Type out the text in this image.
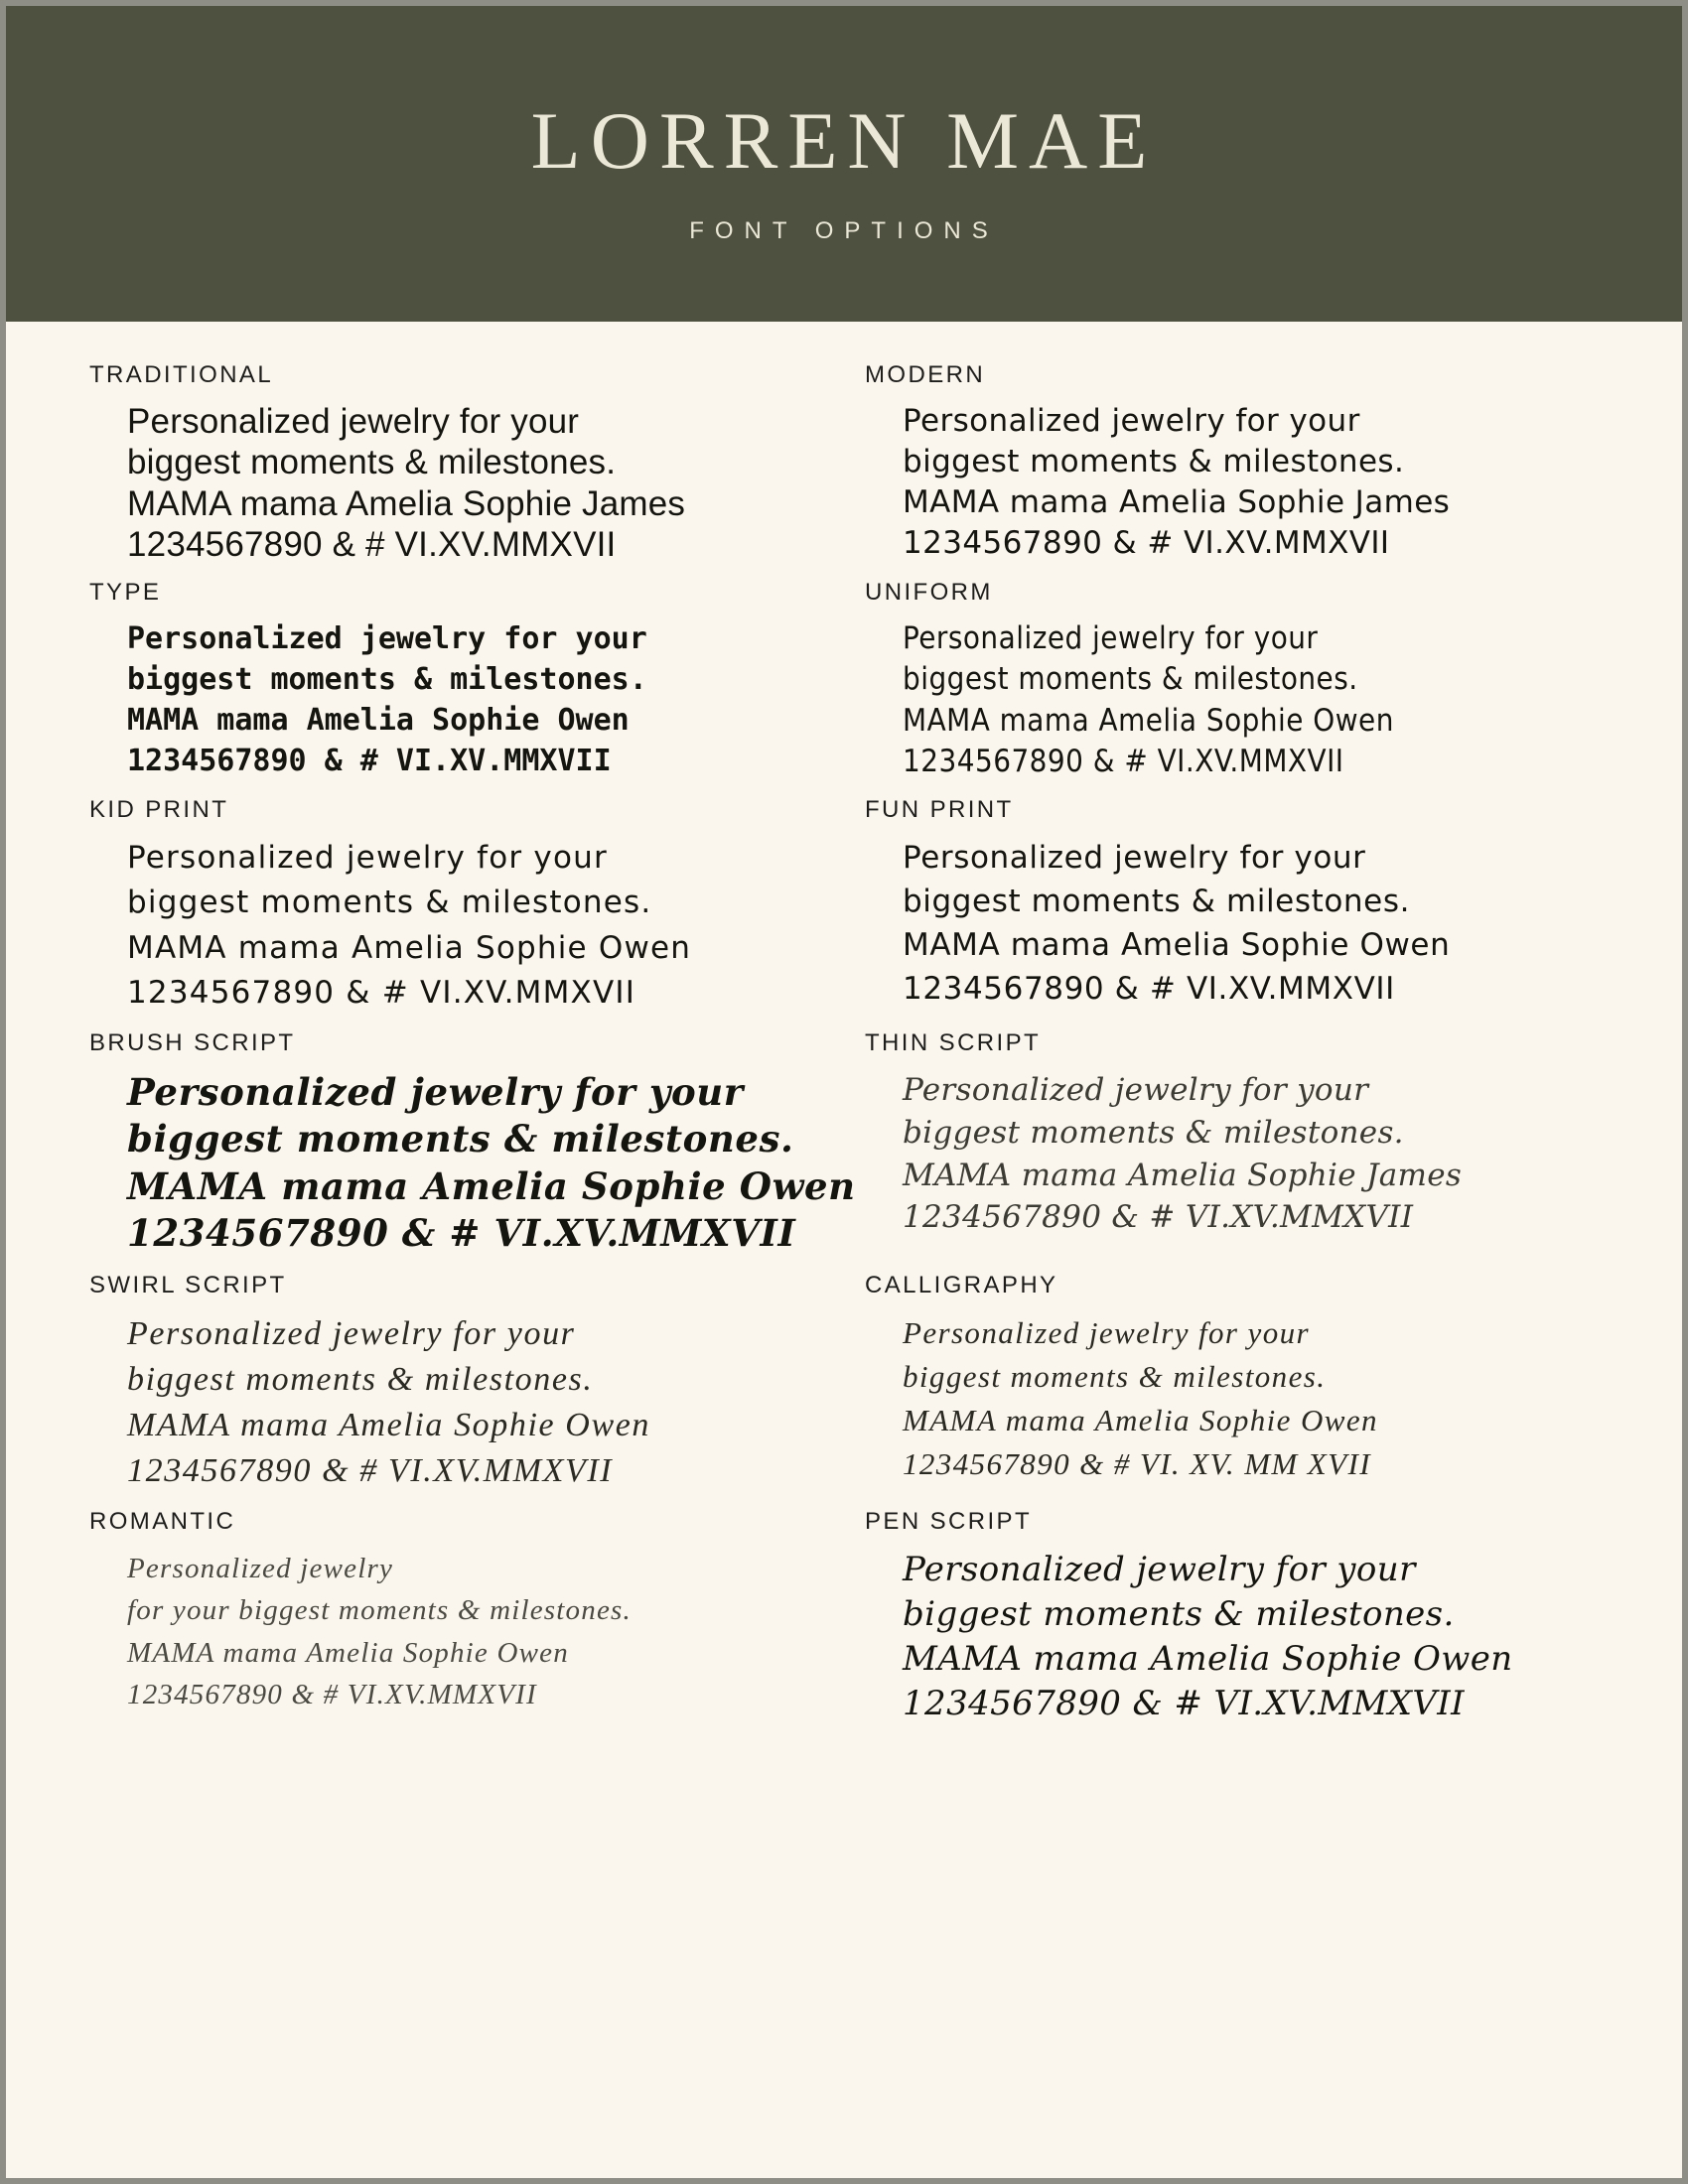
LORREN MAE
FONT OPTIONS
TRADITIONAL
Personalized jewelry for your
biggest moments & milestones.
MAMA mama Amelia Sophie James
1234567890 & # VI.XV.MMXVII
MODERN
Personalized jewelry for your
biggest moments & milestones.
MAMA mama Amelia Sophie James
1234567890 & # VI.XV.MMXVII
TYPE
Personalized jewelry for your
biggest moments & milestones.
MAMA mama Amelia Sophie Owen
1234567890 & # VI.XV.MMXVII
UNIFORM
Personalized jewelry for your
biggest moments & milestones.
MAMA mama Amelia Sophie Owen
1234567890 & # VI.XV.MMXVII
KID PRINT
Personalized jewelry for your
biggest moments & milestones.
MAMA mama Amelia Sophie Owen
1234567890 & # VI.XV.MMXVII
FUN PRINT
Personalized jewelry for your
biggest moments & milestones.
MAMA mama Amelia Sophie Owen
1234567890 & # VI.XV.MMXVII
BRUSH SCRIPT
Personalized jewelry for your
biggest moments & milestones.
MAMA mama Amelia Sophie Owen
1234567890 & # VI.XV.MMXVII
THIN SCRIPT
Personalized jewelry for your
biggest moments & milestones.
MAMA mama Amelia Sophie James
1234567890 & # VI.XV.MMXVII
SWIRL SCRIPT
Personalized jewelry for your
biggest moments & milestones.
MAMA mama Amelia Sophie Owen
1234567890 & # VI.XV.MMXVII
CALLIGRAPHY
Personalized jewelry for your
biggest moments & milestones.
MAMA mama Amelia Sophie Owen
1234567890 & # VI. XV. MM XVII
ROMANTIC
Personalized jewelry
for your biggest moments & milestones.
MAMA mama Amelia Sophie Owen
1234567890 & # VI.XV.MMXVII
PEN SCRIPT
Personalized jewelry for your
biggest moments & milestones.
MAMA mama Amelia Sophie Owen
1234567890 & # VI.XV.MMXVII
